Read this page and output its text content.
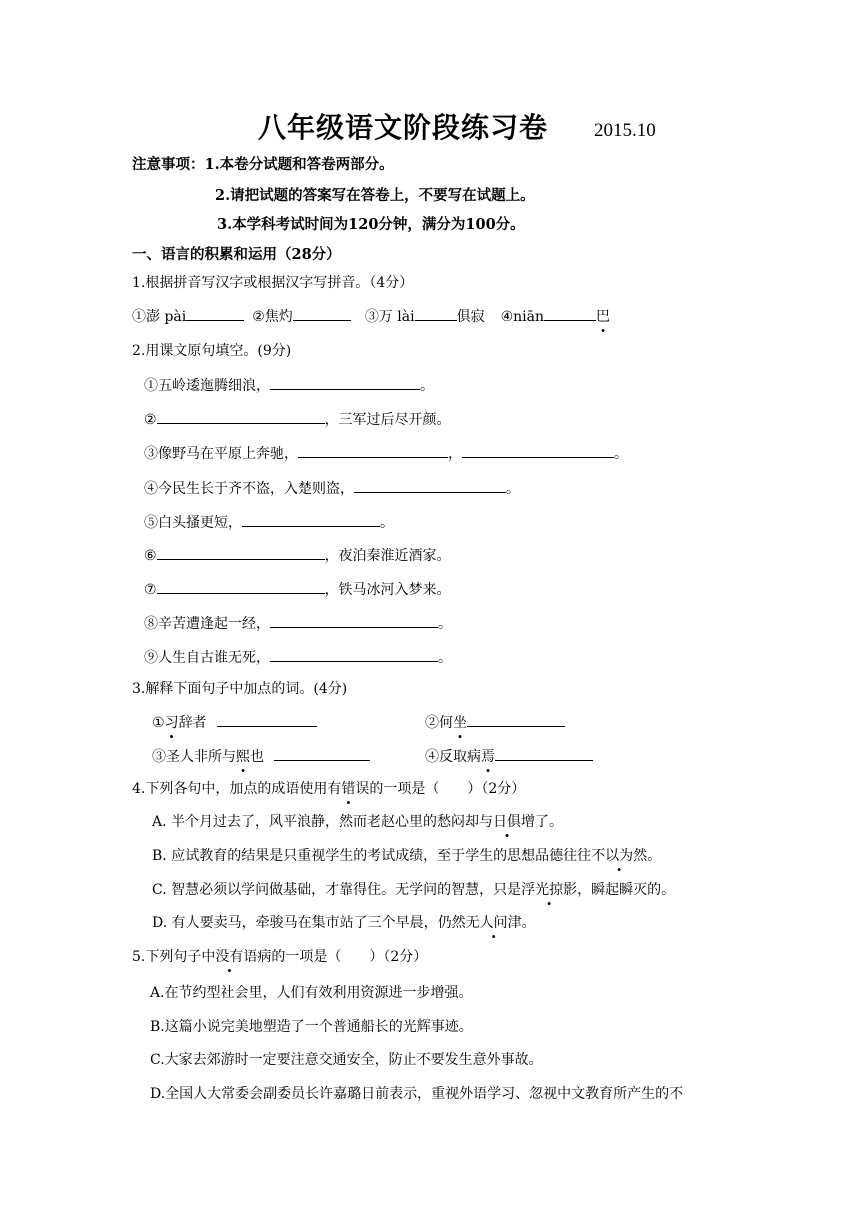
八年级语文阶段练习卷 2015.10
注意事项：1.本卷分试题和答卷两部分。
2.请把试题的答案写在答卷上，不要写在试题上。
3.本学科考试时间为120分钟，满分为100分。
一、语言的积累和运用（28分）
1.根据拼音写汉字或根据汉字写拼音。（4分）
①澎 pài	②焦灼	③万 lài	俱寂 ④niān	巴
2.用课文原句填空。(9分)
①五岭逶迤腾细浪，	。
②	，三军过后尽开颜。
③像野马在平原上奔驰，	，	。
④今民生长于齐不盗，入楚则盗，	。
⑤白头搔更短，	。
⑥	，夜泊秦淮近酒家。
⑦	，铁马冰河入梦来。
⑧辛苦遭逢起一经，	。
⑨人生自古谁无死，	。
3.解释下面句子中加点的词。(4分)
①习辞者	②何坐
③圣人非所与熙也	④反取病焉
4.下列各句中，加点的成语使用有错误的一项是（　　）（2分）
A. 半个月过去了，风平浪静，然而老赵心里的愁闷却与日俱增了。
B. 应试教育的结果是只重视学生的考试成绩，至于学生的思想品德往往不以为然。
C. 智慧必须以学问做基础，才靠得住。无学问的智慧，只是浮光掠影，瞬起瞬灭的。
D. 有人要卖马，牵骏马在集市站了三个早晨，仍然无人问津。
5.下列句子中没有语病的一项是（　　）（2分）
A.在节约型社会里，人们有效利用资源进一步增强。
B.这篇小说完美地塑造了一个普通船长的光辉事迹。
C.大家去郊游时一定要注意交通安全，防止不要发生意外事故。
D.全国人大常委会副委员长许嘉璐日前表示，重视外语学习、忽视中文教育所产生的不
